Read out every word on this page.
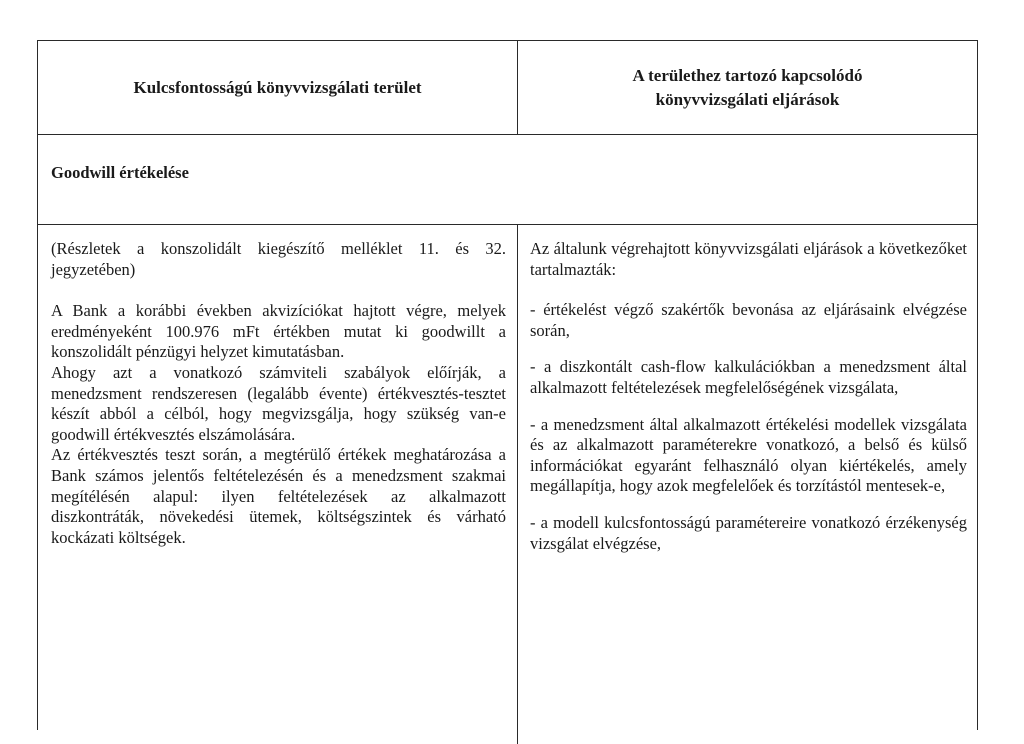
Kulcsfontosságú könyvvizsgálati terület
A területhez tartozó kapcsolódó
könyvvizsgálati eljárások
Goodwill értékelése

(Részletek a konszolidált kiegészítő melléklet 11. és 32. jegyzetében)

A Bank a korábbi években akvizíciókat hajtott végre, melyek eredményeként 100.976 mFt értékben mutat ki goodwillt a konszolidált pénzügyi helyzet kimutatásban.

Ahogy azt a vonatkozó számviteli szabályok előírják, a menedzsment rendszeresen (legalább évente) értékvesztés-tesztet készít abból a célból, hogy megvizsgálja, hogy szükség van-e goodwill értékvesztés elszámolására.

Az értékvesztés teszt során, a megtérülő értékek meghatározása a Bank számos jelentős feltételezésén és a menedzsment szakmai megítélésén alapul: ilyen feltételezések az alkalmazott diszkontráták, növekedési ütemek, költségszintek és várható kockázati költségek.

Az általunk végrehajtott könyvvizsgálati eljárások a következőket tartalmazták:

- értékelést végző szakértők bevonása az eljárásaink elvégzése során,

- a diszkontált cash-flow kalkulációkban a menedzsment által alkalmazott feltételezések megfelelőségének vizsgálata,

- a menedzsment által alkalmazott értékelési modellek vizsgálata és az alkalmazott paraméterekre vonatkozó, a belső és külső információkat egyaránt felhasználó olyan kiértékelés, amely megállapítja, hogy azok megfelelőek és torzítástól mentesek-e,

- a modell kulcsfontosságú paramétereire vonatkozó érzékenység vizsgálat elvégzése,
